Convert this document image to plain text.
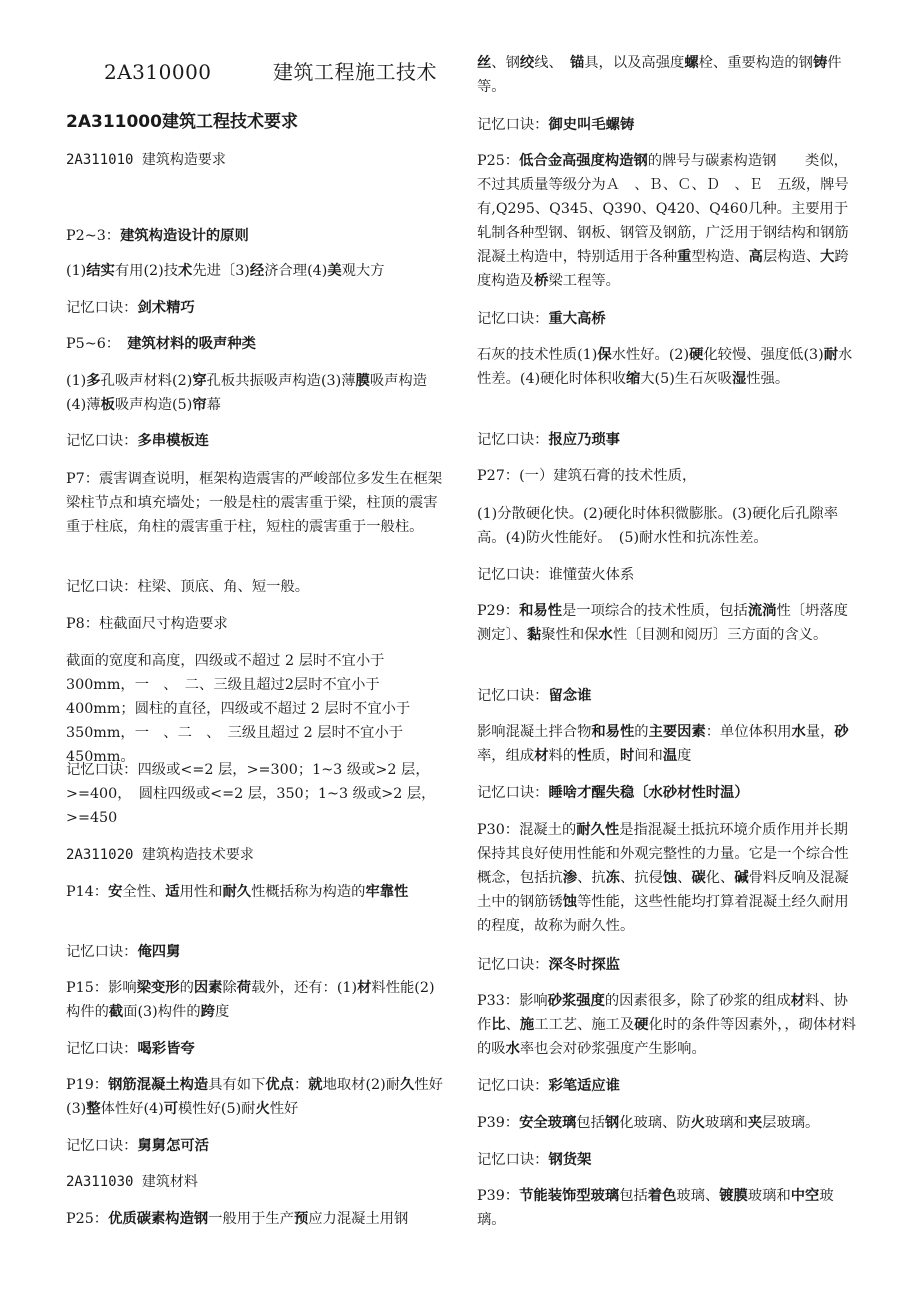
2A310000　　　建筑工程施工技术
2A311000建筑工程技术要求
2A311010 建筑构造要求
P2~3：建筑构造设计的原则
(1)结实有用(2)技术先进〔3)经济合理(4)美观大方
记忆口诀：剑术精巧
P5~6：　建筑材料的吸声种类
(1)多孔吸声材料(2)穿孔板共振吸声构造(3)薄膜吸声构造(4)薄板吸声构造(5)帘幕
记忆口诀：多串模板连
P7：震害调查说明，框架构造震害的严峻部位多发生在框架梁柱节点和填充墙处；一般是柱的震害重于梁，柱顶的震害重于柱底，角柱的震害重于柱，短柱的震害重于一般柱。
记忆口诀：柱梁、顶底、角、短一般。
P8：柱截面尺寸构造要求
截面的宽度和高度，四级或不超过 2 层时不宜小于300mm，一　、　二、三级且超过2层时不宜小于 400mm；圆柱的直径，四级或不超过 2 层时不宜小于 350mm，一　、二　、　三级且超过 2 层时不宜小于 450mm。
记忆口诀：四级或<=2 层，>=300；1~3 级或>2 层，>=400，　圆柱四级或<=2 层，350；1~3 级或>2 层，>=450
2A311020 建筑构造技术要求
P14：安全性、适用性和耐久性概括称为构造的牢靠性
记忆口诀：俺四舅
P15：影响梁变形的因素除荷载外，还有：(1)材料性能(2)构件的截面(3)构件的跨度
记忆口诀：喝彩皆夸
P19：钢筋混凝土构造具有如下优点：就地取材(2)耐久性好(3)整体性好(4)可模性好(5)耐火性好
记忆口诀：舅舅怎可活
2A311030 建筑材料
P25：优质碳素构造钢一般用于生产预应力混凝土用钢
丝、钢绞线、　锚具，以及高强度螺栓、重要构造的钢铸件等。
记忆口诀：御史叫毛螺铸
P25：低合金高强度构造钢的牌号与碳素构造钢　　类似，不过其质量等级分为Ａ　、Ｂ、Ｃ、Ｄ　、Ｅ　五级，牌号有,Q295、Q345、Q390、Q420、Q460几种。主要用于轧制各种型钢、钢板、钢管及钢筋，广泛用于钢结构和钢筋混凝土构造中，特别适用于各种重型构造、高层构造、大跨度构造及桥梁工程等。
记忆口诀：重大高桥
石灰的技术性质(1)保水性好。(2)硬化较慢、强度低(3)耐水性差。(4)硬化时体积收缩大(5)生石灰吸湿性强。
记忆口诀：报应乃琐事
P27：(一）建筑石膏的技术性质，
(1)分散硬化快。(2)硬化时体积微膨胀。(3)硬化后孔隙率高。(4)防火性能好。　(5)耐水性和抗冻性差。
记忆口诀：谁懂萤火体系
P29：和易性是一项综合的技术性质，包括流淌性〔坍落度测定〕、黏聚性和保水性〔目测和阅历〕三方面的含义。
记忆口诀：留念谁
影响混凝土拌合物和易性的主要因素：单位体积用水量，砂率，组成材料的性质，时间和温度
记忆口诀：睡啥才醒失稳〔水砂材性时温）
P30：混凝土的耐久性是指混凝土抵抗环境介质作用并长期保持其良好使用性能和外观完整性的力量。它是一个综合性概念，包括抗渗、抗冻、抗侵蚀、碳化、碱骨料反响及混凝土中的钢筋锈蚀等性能，这些性能均打算着混凝土经久耐用的程度，故称为耐久性。
记忆口诀：深冬时探监
P33：影响砂浆强度的因素很多，除了砂浆的组成材料、协作比、施工工艺、施工及硬化时的条件等因素外，，砌体材料的吸水率也会对砂浆强度产生影响。
记忆口诀：彩笔适应谁
P39：安全玻璃包括钢化玻璃、防火玻璃和夹层玻璃。
记忆口诀：钢货架
P39：节能装饰型玻璃包括着色玻璃、镀膜玻璃和中空玻璃。
